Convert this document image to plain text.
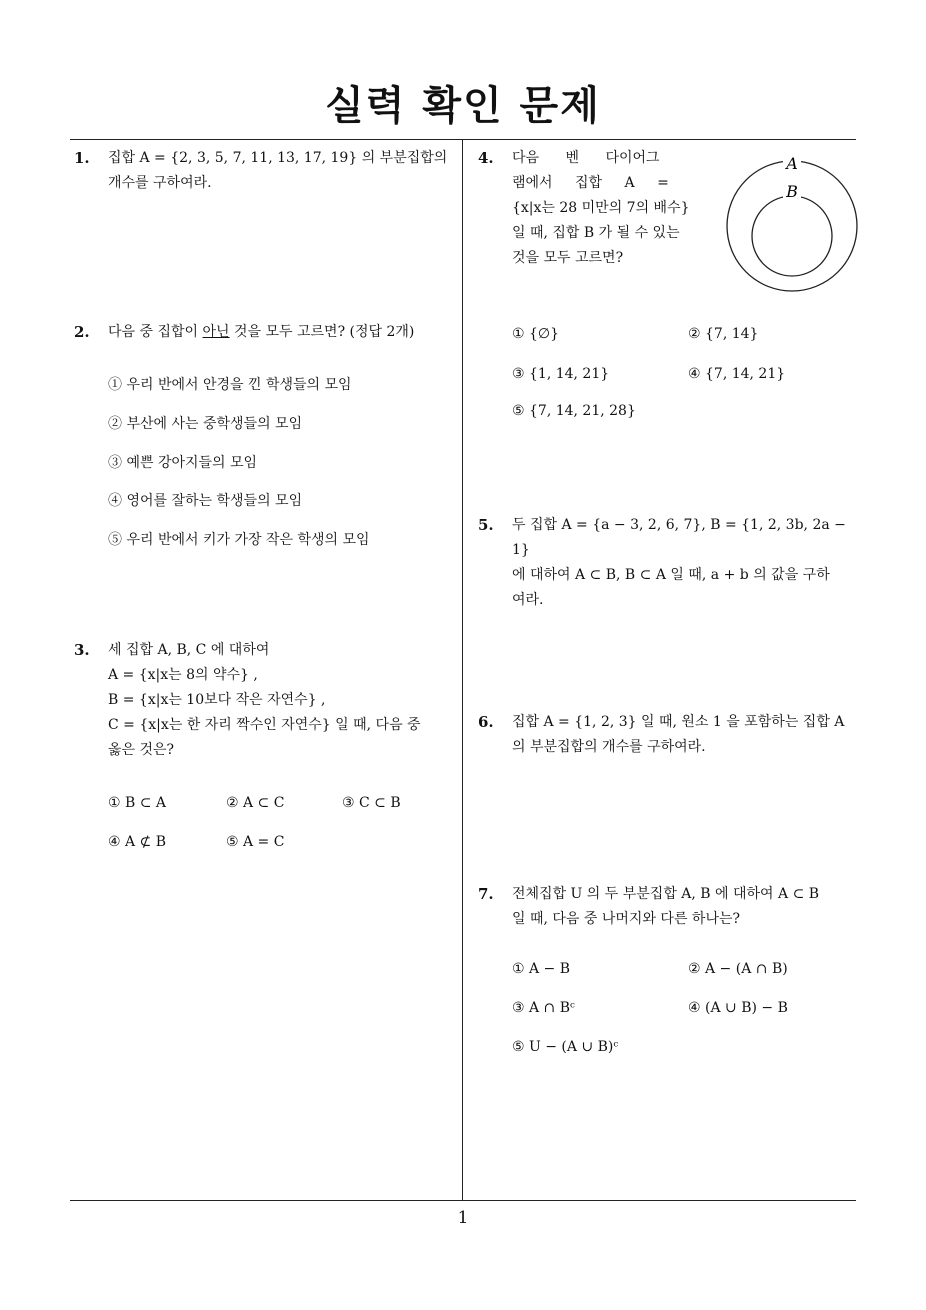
실력 확인 문제
1. 집합 A = {2, 3, 5, 7, 11, 13, 17, 19} 의 부분집합의 개수를 구하여라.
2. 다음 중 집합이 아닌 것을 모두 고르면? (정답 2개)
① 우리 반에서 안경을 낀 학생들의 모임
② 부산에 사는 중학생들의 모임
③ 예쁜 강아지들의 모임
④ 영어를 잘하는 학생들의 모임
⑤ 우리 반에서 키가 가장 작은 학생의 모임
3. 세 집합 A, B, C 에 대하여
A = {x|x는 8의 약수} ,
B = {x|x는 10보다 작은 자연수} ,
C = {x|x는 한 자리 짝수인 자연수} 일 때, 다음 중
옳은 것은?
① B ⊂ A	② A ⊂ C	③ C ⊂ B
④ A ⊄ B	⑤ A = C
4. 다음 벤 다이어그
램에서 집합 A =
{x|x는 28 미만의 7의 배수}
일 때, 집합 B 가 될 수 있는
것을 모두 고르면?
A
B
① {∅}	② {7, 14}
③ {1, 14, 21}	④ {7, 14, 21}
⑤ {7, 14, 21, 28}
5. 두 집합 A = {a − 3, 2, 6, 7}, B = {1, 2, 3b, 2a − 1}
에 대하여 A ⊂ B, B ⊂ A 일 때, a + b 의 값을 구하
여라.
6. 집합 A = {1, 2, 3} 일 때, 원소 1 을 포함하는 집합 A
의 부분집합의 개수를 구하여라.
7. 전체집합 U 의 두 부분집합 A, B 에 대하여 A ⊂ B
일 때, 다음 중 나머지와 다른 하나는?
① A − B	② A − (A ∩ B)
③ A ∩ Bᶜ	④ (A ∪ B) − B
⑤ U − (A ∪ B)ᶜ
1
